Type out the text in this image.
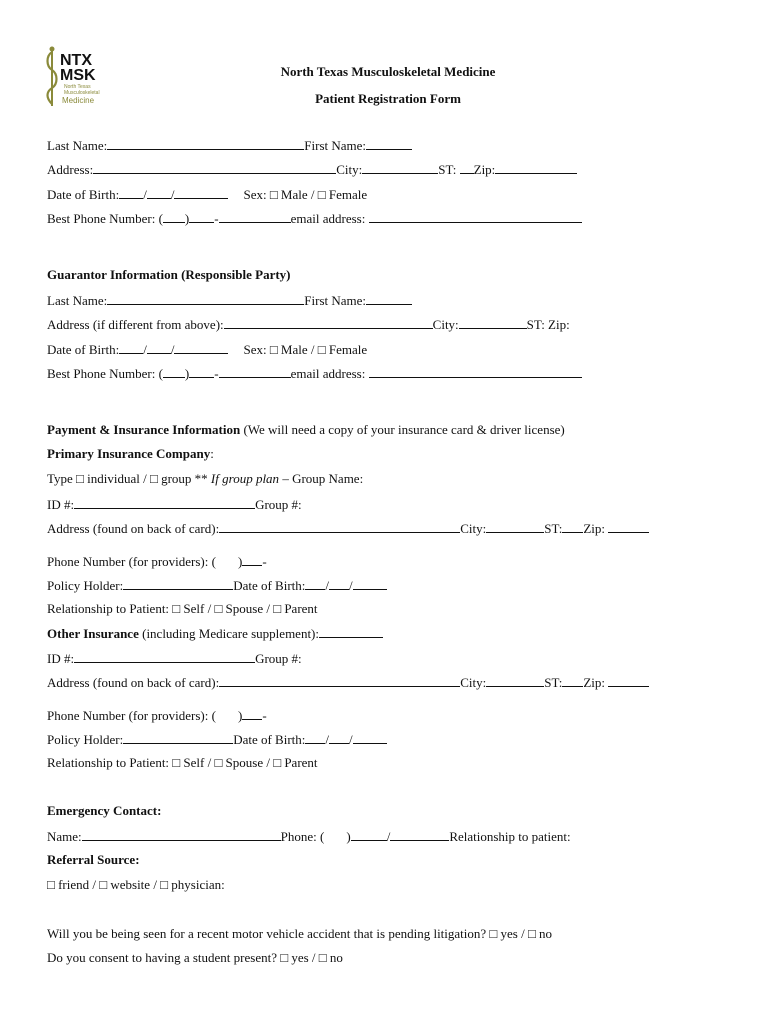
NTX
MSK
North Texas
Musculoskeletal
Medicine
North Texas Musculoskeletal Medicine
Patient Registration Form
Last Name:	First Name:
Address:	City:	ST: Zip:
Date of Birth: / /	Sex: □ Male / □ Female
Best Phone Number: ( ) -	email address:
Guarantor Information (Responsible Party)
Last Name:	First Name:
Address (if different from above):	City:	ST: Zip:
Date of Birth: / /	Sex: □ Male / □ Female
Best Phone Number: ( ) -	email address:
Payment & Insurance Information (We will need a copy of your insurance card & driver license)
Primary Insurance Company:
Type □ individual / □ group ** If group plan – Group Name:
ID #:	Group #:
Address (found on back of card):	City:	ST: Zip:
Phone Number (for providers): ( ) -
Policy Holder:	Date of Birth: / /
Relationship to Patient: □ Self / □ Spouse / □ Parent
Other Insurance (including Medicare supplement):
ID #:	Group #:
Address (found on back of card):	City:	ST: Zip:
Phone Number (for providers): ( ) -
Policy Holder:	Date of Birth: / /
Relationship to Patient: □ Self / □ Spouse / □ Parent
Emergency Contact:
Name:	Phone: ( )	/	Relationship to patient:
Referral Source:
□ friend / □ website / □ physician:
Will you be being seen for a recent motor vehicle accident that is pending litigation? □ yes / □ no
Do you consent to having a student present? □ yes / □ no
